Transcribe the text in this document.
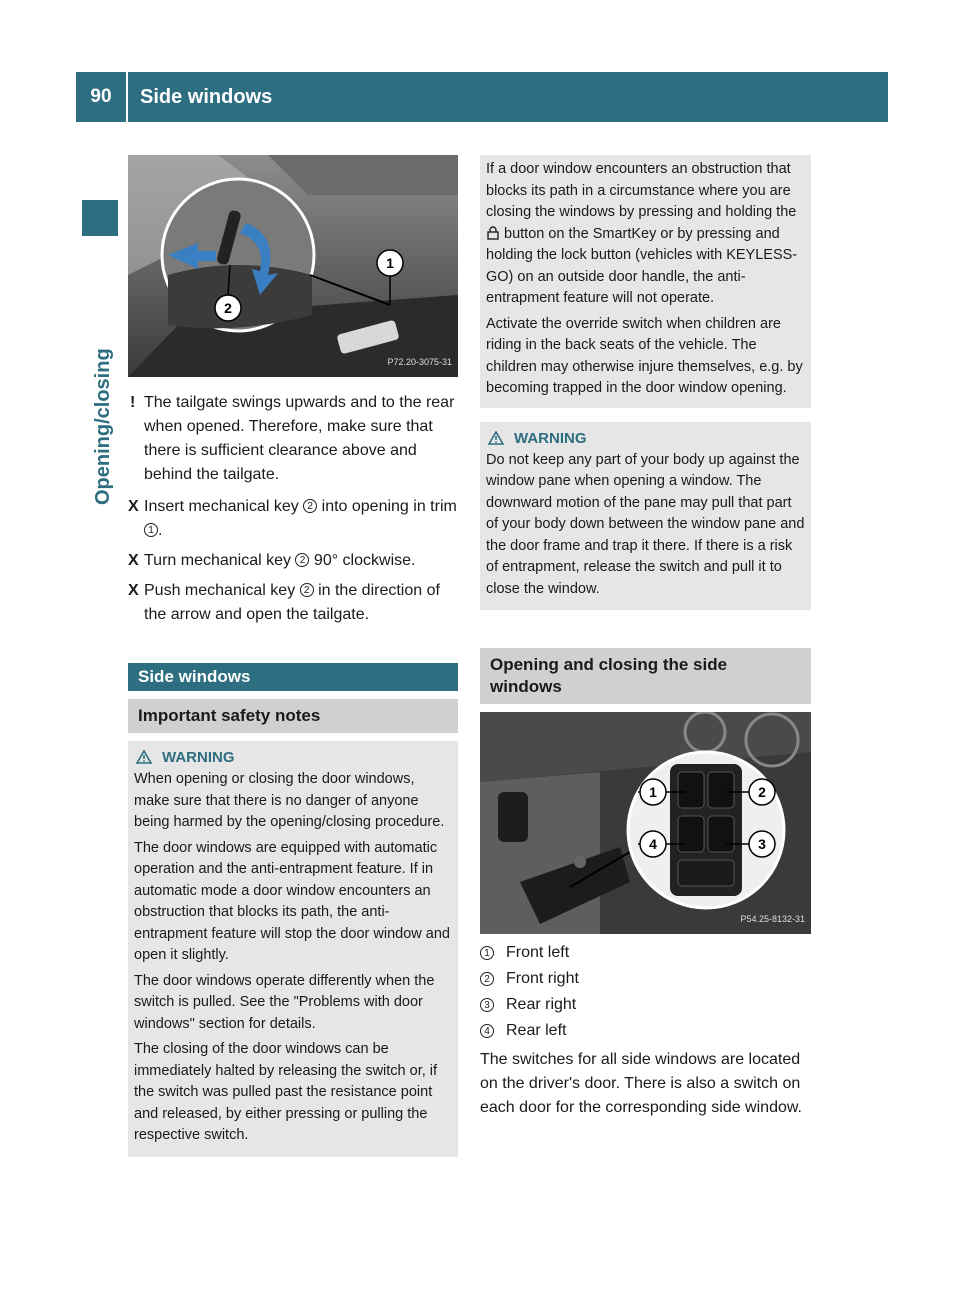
90	Side windows
Opening/closing
1
2
P72.20-3075-31
! The tailgate swings upwards and to the rear when opened. Therefore, make sure that there is sufficient clearance above and behind the tailgate.
X Insert mechanical key 2 into opening in trim 1 .
X Turn mechanical key 2 90° clockwise.
X Push mechanical key 2 in the direction of the arrow and open the tailgate.
Side windows
Important safety notes
WARNING

When opening or closing the door windows, make sure that there is no danger of anyone being harmed by the opening/closing procedure.

The door windows are equipped with automatic operation and the anti-entrapment feature. If in automatic mode a door window encounters an obstruction that blocks its path, the anti-entrapment feature will stop the door window and open it slightly.

The door windows operate differently when the switch is pulled. See the "Problems with door windows" section for details.

The closing of the door windows can be immediately halted by releasing the switch or, if the switch was pulled past the resistance point and released, by either pressing or pulling the respective switch.

If a door window encounters an obstruction that blocks its path in a circumstance where you are closing the windows by pressing and holding the  button on the SmartKey or by pressing and holding the lock button (vehicles with KEYLESS-GO) on an outside door handle, the anti-entrapment feature will not operate.

Activate the override switch when children are riding in the back seats of the vehicle. The children may otherwise injure themselves, e.g. by becoming trapped in the door window opening.

WARNING

Do not keep any part of your body up against the window pane when opening a window. The downward motion of the pane may pull that part of your body down between the window pane and the door frame and trap it there. If there is a risk of entrapment, release the switch and pull it to close the window.

Opening and closing the side windows
1	2
3
4
P54.25-8132-31
1 Front left
2 Front right
3 Rear right
4 Rear left

The switches for all side windows are located on the driver's door. There is also a switch on each door for the corresponding side window.
